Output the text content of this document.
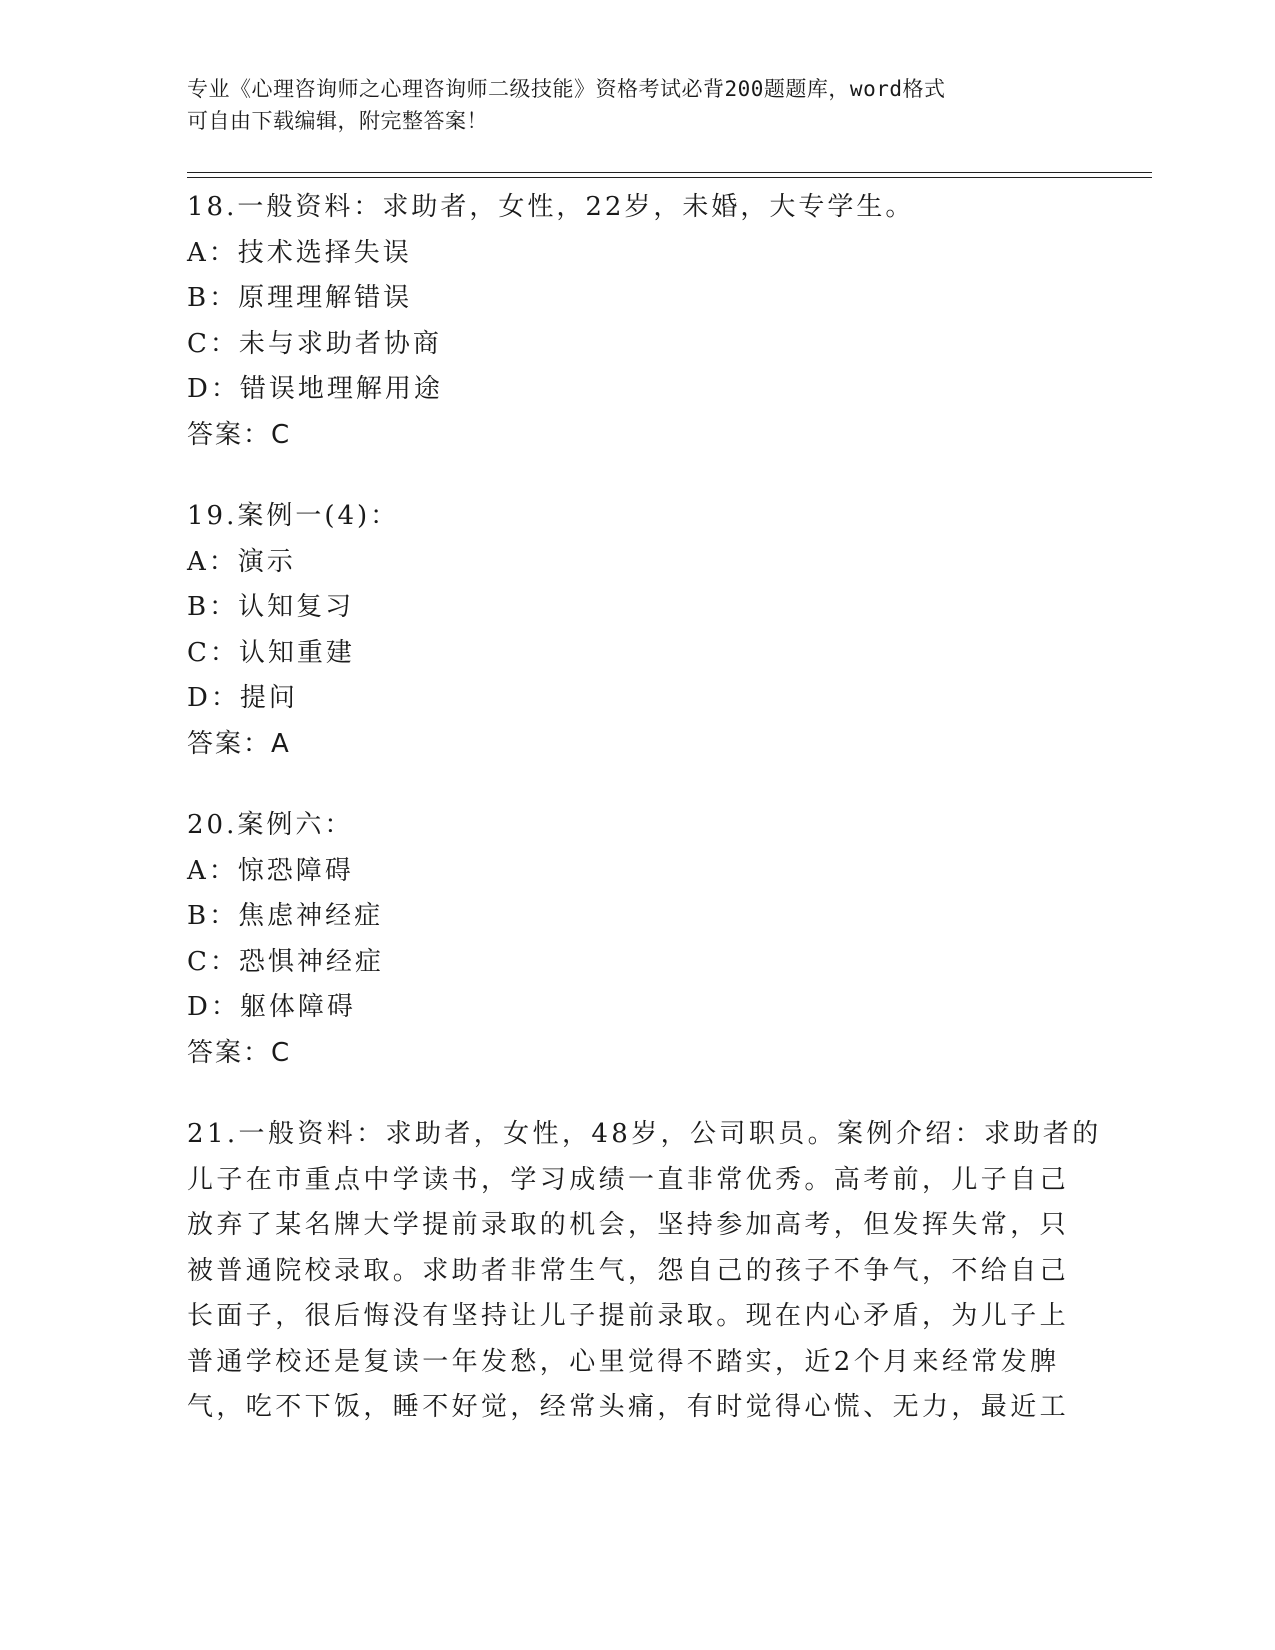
专业《心理咨询师之心理咨询师二级技能》资格考试必背200题题库，word格式
可自由下载编辑，附完整答案！
18.一般资料：求助者，女性，22岁，未婚，大专学生。
A：技术选择失误
B：原理理解错误
C：未与求助者协商
D：错误地理解用途
答案：C
19.案例一(4)：
A：演示
B：认知复习
C：认知重建
D：提问
答案：A
20.案例六：
A：惊恐障碍
B：焦虑神经症
C：恐惧神经症
D：躯体障碍
答案：C
21.一般资料：求助者，女性，48岁，公司职员。案例介绍：求助者的
儿子在市重点中学读书，学习成绩一直非常优秀。高考前，儿子自己
放弃了某名牌大学提前录取的机会，坚持参加高考，但发挥失常，只
被普通院校录取。求助者非常生气，怨自己的孩子不争气，不给自己
长面子，很后悔没有坚持让儿子提前录取。现在内心矛盾，为儿子上
普通学校还是复读一年发愁，心里觉得不踏实，近2个月来经常发脾
气，吃不下饭，睡不好觉，经常头痛，有时觉得心慌、无力，最近工
